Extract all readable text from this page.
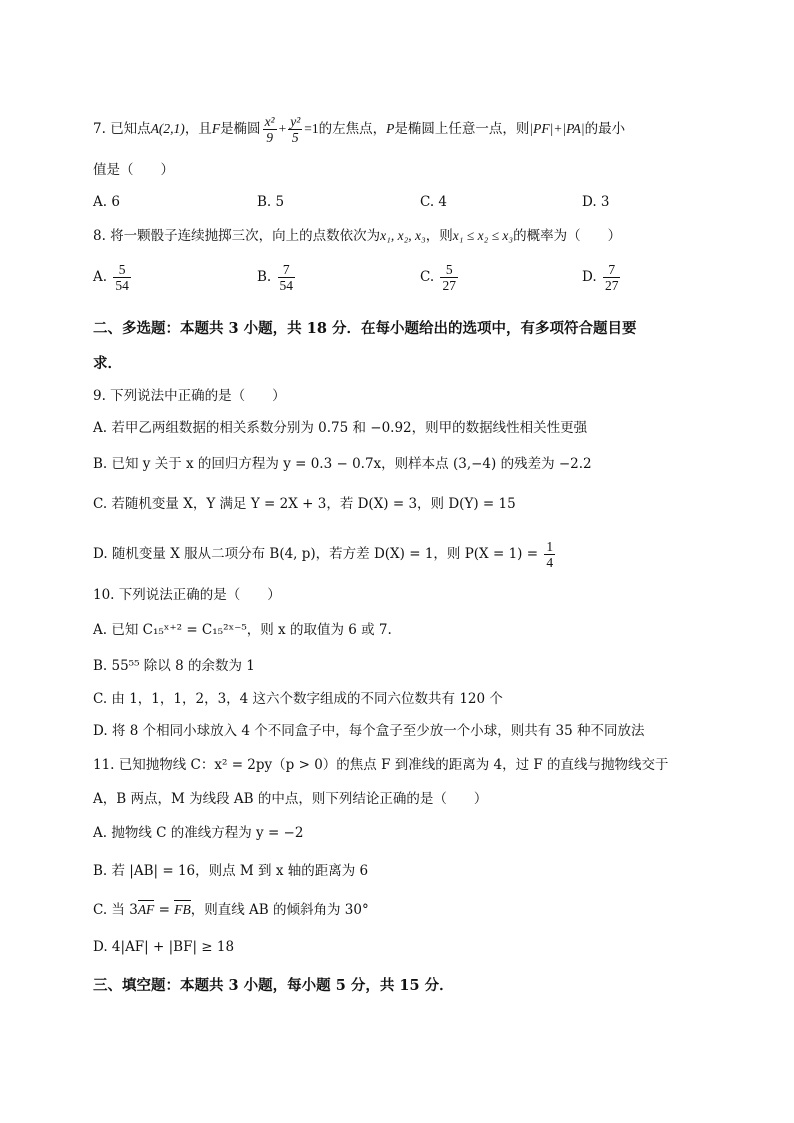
7. 已知点A(2,1)，且F是椭圆 $\frac{\text{x²}}{9} + \frac{\text{y²}}{5} =1$的左焦点，P是椭圆上任意一点，则|PF|+|PA|的最小
值是（　　）
A. 6	B. 5	C. 4	D. 3
8. 将一颗骰子连续抛掷三次，向上的点数依次为x₁, x₂, x₃，则x₁ ≤ x₂ ≤ x₃的概率为（　　）
A. $\frac{5}{54}$	B. $\frac{7}{54}$	C. $\frac{5}{27}$	D. $\frac{7}{27}$
二、多选题：本题共 3 小题，共 18 分．在每小题给出的选项中，有多项符合题目要
求．
9. 下列说法中正确的是（　　）
A. 若甲乙两组数据的相关系数分别为 0.75 和 −0.92，则甲的数据线性相关性更强
B. 已知 y 关于 x 的回归方程为 y = 0.3 − 0.7x，则样本点 (3,−4) 的残差为 −2.2
C. 若随机变量 X，Y 满足 Y = 2X + 3，若 D(X) = 3，则 D(Y) = 15
D. 随机变量 X 服从二项分布 B(4, p)，若方差 D(X) = 1，则 $P(X = 1) = \frac{1}{4}$
10. 下列说法正确的是（　　）
A. 已知 C₁₅ˣ⁺² = C₁₅²ˣ⁻⁵，则 x 的取值为 6 或 7.
B. 55⁵⁵ 除以 8 的余数为 1
C. 由 1，1，1，2，3，4 这六个数字组成的不同六位数共有 120 个
D. 将 8 个相同小球放入 4 个不同盒子中，每个盒子至少放一个小球，则共有 35 种不同放法
11. 已知抛物线 C：x² = 2py（p > 0）的焦点 F 到准线的距离为 4，过 F 的直线与抛物线交于
A，B 两点，M 为线段 AB 的中点，则下列结论正确的是（　　）
A. 抛物线 C 的准线方程为 y = −2
B. 若 |AB| = 16，则点 M 到 x 轴的距离为 6
C. 当 3AF = FB，则直线 AB 的倾斜角为 30°
D. 4|AF| + |BF| ≥ 18
三、填空题：本题共 3 小题，每小题 5 分，共 15 分．
